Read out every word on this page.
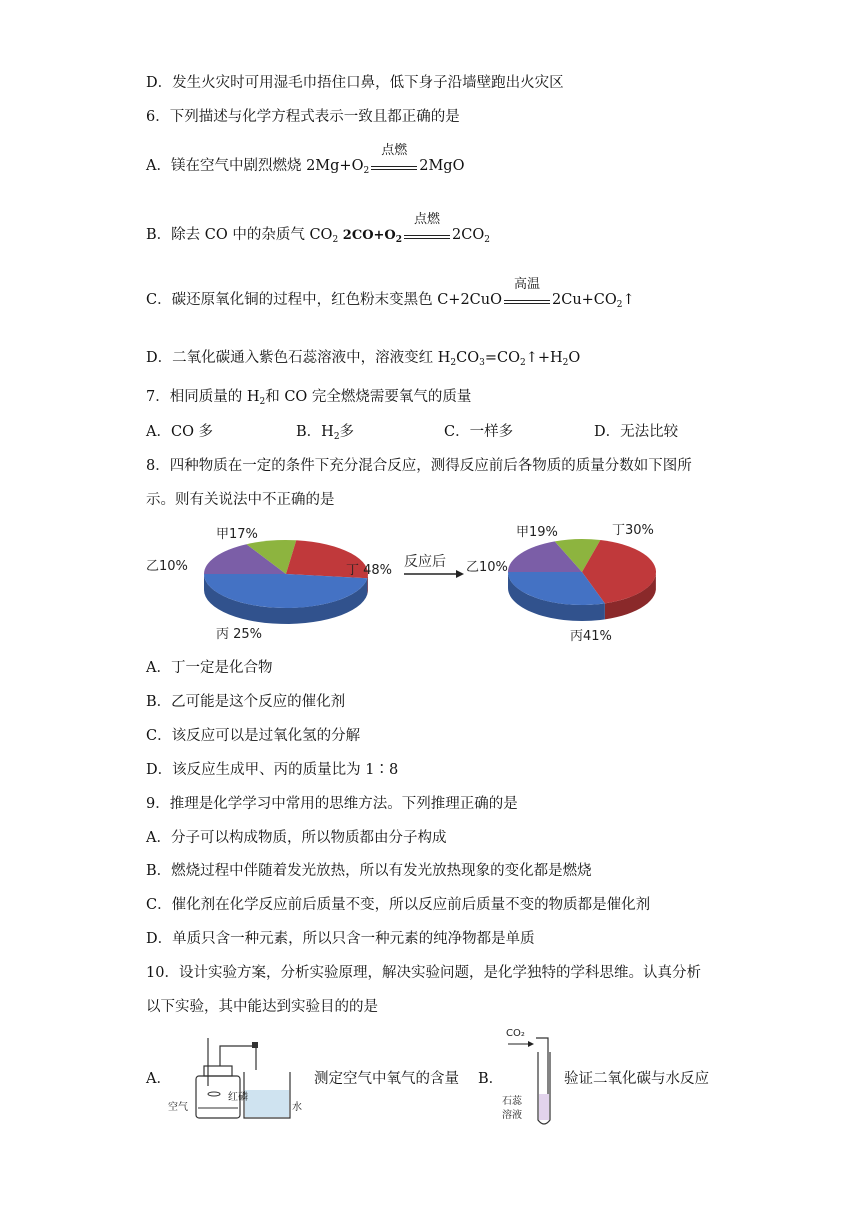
D．发生火灾时可用湿毛巾捂住口鼻，低下身子沿墙壁跑出火灾区
6．下列描述与化学方程式表示一致且都正确的是
A．镁在空气中剧烈燃烧 $2Mg+O_2$
点燃
2MgO
B．除去 CO 中的杂质气 $CO_2$ $2CO+O_2$
点燃
$2CO_2$
C．碳还原氧化铜的过程中，红色粉末变黑色 C+2CuO
高温
$2Cu+CO_2↑$
D．二氧化碳通入紫色石蕊溶液中，溶液变红 $H_2CO_3=CO_2↑+H_2O$
7．相同质量的 $H_2$和 CO 完全燃烧需要氧气的质量
A．CO 多	B．$H_2$多	C．一样多	D．无法比较
8．四种物质在一定的条件下充分混合反应，测得反应前后各物质的质量分数如下图所
示。则有关说法中不正确的是
甲17%
乙10%
丙 25%
丁 48%
反应后
甲19%
乙10%
丙41%
丁30%
A．丁一定是化合物
B．乙可能是这个反应的催化剂
C．该反应可以是过氧化氢的分解
D．该反应生成甲、丙的质量比为 1∶8
9．推理是化学学习中常用的思维方法。下列推理正确的是
A．分子可以构成物质，所以物质都由分子构成
B．燃烧过程中伴随着发光放热，所以有发光放热现象的变化都是燃烧
C．催化剂在化学反应前后质量不变，所以反应前后质量不变的物质都是催化剂
D．单质只含一种元素，所以只含一种元素的纯净物都是单质
10．设计实验方案，分析实验原理，解决实验问题，是化学独特的学科思维。认真分析
以下实验，其中能达到实验目的的是
A．
空气
红磷
水
测定空气中氧气的含量 B．
CO₂
石蕊
溶液
验证二氧化碳与水反应
